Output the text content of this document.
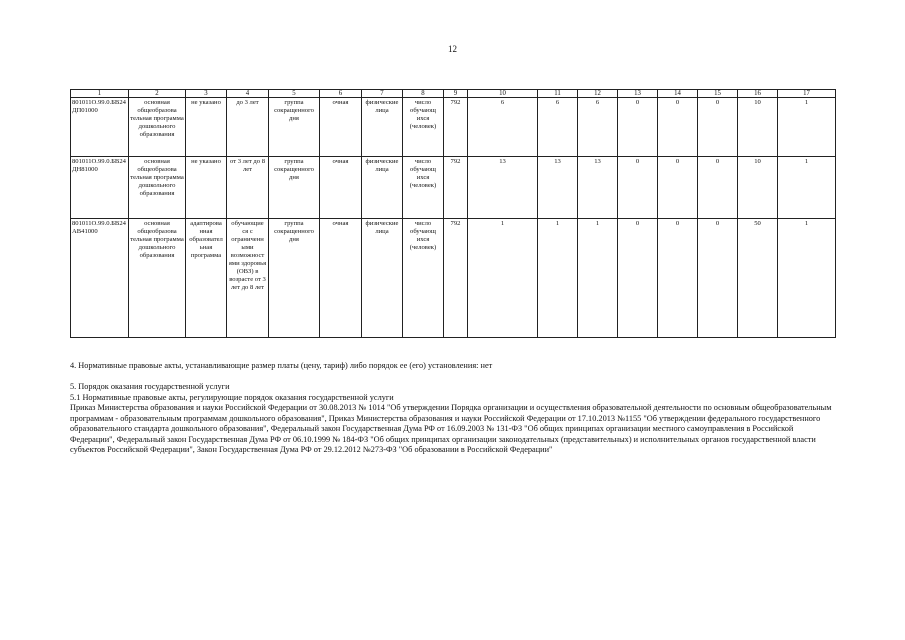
12
1	2	3	4	5	6	7	8	9	10	11	12	13	14	15	16	17
801011О.99.0.БВ24ДП01000	основная общеобразова тельная программа дошкольного образования	не указано	до 3 лет	группа сокращенного дня	очная	физические лица	число обучающ ихся (человек)	792	6	6	6	0	0	0	10	1
801011О.99.0.БВ24ДН81000	основная общеобразова тельная программа дошкольного образования	не указано	от 3 лет до 8 лет	группа сокращенного дня	очная	физические лица	число обучающ ихся (человек)	792	13	13	13	0	0	0	10	1
801011О.99.0.БВ24АВ41000	основная общеобразова тельная программа дошкольного образования	адаптирова нная образовател ьная программа	обучающие ся с ограниченн ыми возможност ями здоровья (ОВЗ) в возрасте от 3 лет до 8 лет	группа сокращенного дня	очная	физические лица	число обучающ ихся (человек)	792	1	1	1	0	0	0	50	1
4. Нормативные правовые акты, устанавливающие размер платы (цену, тариф) либо порядок ее (его) установления: нет
5. Порядок оказания государственной услуги
5.1 Нормативные правовые акты, регулирующие порядок оказания государственной услуги
Приказ Министерства образования и науки Российской Федерации от 30.08.2013 № 1014 "Об утверждении Порядка организации и осуществления образовательной деятельности по основным общеобразовательным программам - образовательным программам дошкольного образования", Приказ Министерства образования и науки Российской Федерации от 17.10.2013 №1155 "Об утверждении федерального государственного образовательного стандарта дошкольного образования", Федеральный закон Государственная Дума РФ от 16.09.2003 № 131-ФЗ "Об общих принципах организации местного самоуправления в Российской Федерации", Федеральный закон Государственная Дума РФ от 06.10.1999 № 184-ФЗ "Об общих принципах организации законодательных (представительных) и исполнительных органов государственной власти субъектов Российской Федерации", Закон Государственная Дума РФ от 29.12.2012 №273-ФЗ "Об образовании в Российской Федерации"
